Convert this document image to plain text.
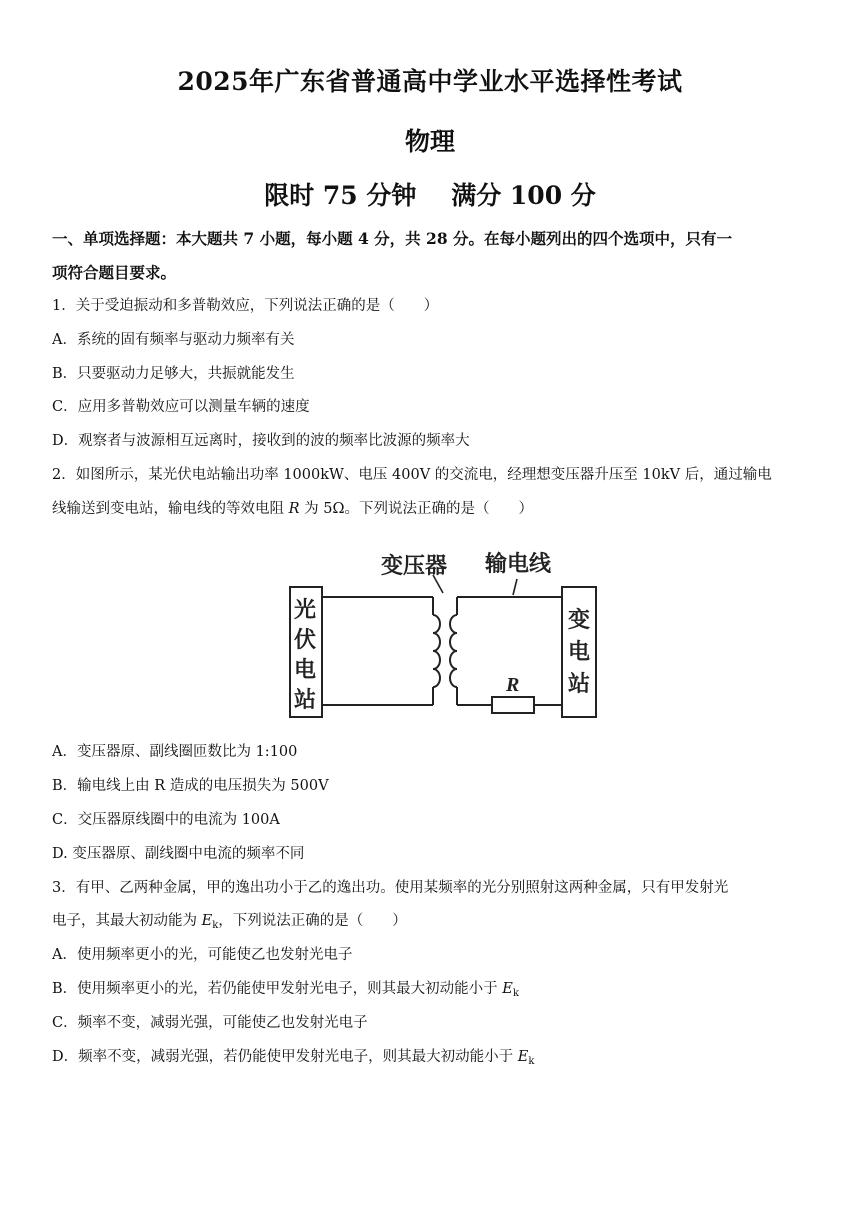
2025年广东省普通高中学业水平选择性考试
物理
限时 75 分钟    满分 100 分
一、单项选择题：本大题共 7 小题，每小题 4 分，共 28 分。在每小题列出的四个选项中，只有一
项符合题目要求。
1．关于受迫振动和多普勒效应，下列说法正确的是（　　）
A．系统的固有频率与驱动力频率有关
B．只要驱动力足够大，共振就能发生
C．应用多普勒效应可以测量车辆的速度
D．观察者与波源相互远离时，接收到的波的频率比波源的频率大
2．如图所示，某光伏电站输出功率 1000kW、电压 400V 的交流电，经理想变压器升压至 10kV 后，通过输电
线输送到变电站，输电线的等效电阻 R 为 5Ω。下列说法正确的是（　　）
变压器 输电线
光
伏
电
站
变
电
站
R
A．变压器原、副线圈匝数比为 1:100
B．输电线上由 R 造成的电压损失为 500V
C．交压器原线圈中的电流为 100A
D. 变压器原、副线圈中电流的频率不同
3．有甲、乙两种金属，甲的逸出功小于乙的逸出功。使用某频率的光分别照射这两种金属，只有甲发射光
电子，其最大初动能为 $E_k$，下列说法正确的是（　　）
A．使用频率更小的光，可能使乙也发射光电子
B．使用频率更小的光，若仍能使甲发射光电子，则其最大初动能小于 $E_k$
C．频率不变，减弱光强，可能使乙也发射光电子
D．频率不变，减弱光强，若仍能使甲发射光电子，则其最大初动能小于 $E_k$
